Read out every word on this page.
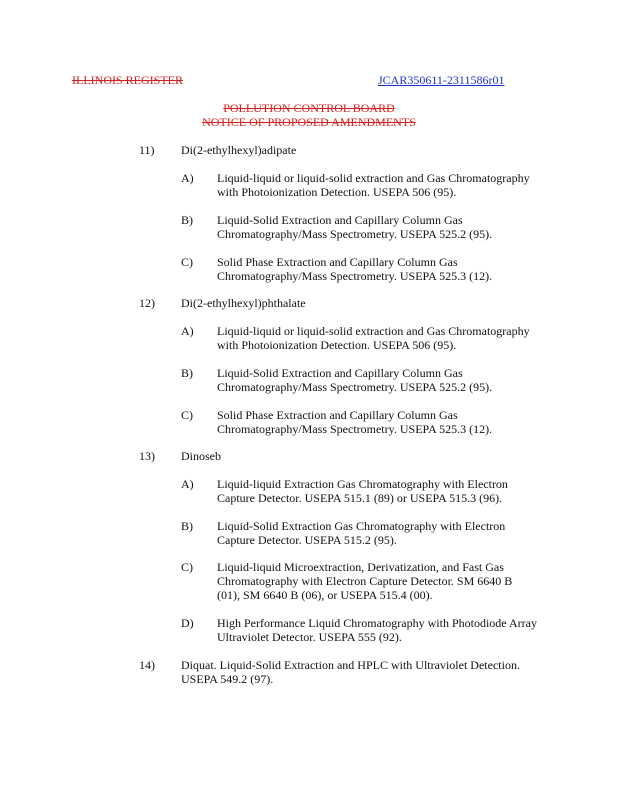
ILLINOIS REGISTER	JCAR350611-2311586r01
POLLUTION CONTROL BOARD
NOTICE OF PROPOSED AMENDMENTS
11) Di(2-ethylhexyl)adipate
A) Liquid-liquid or liquid-solid extraction and Gas Chromatography
with Photoionization Detection. USEPA 506 (95).
B) Liquid-Solid Extraction and Capillary Column Gas
Chromatography/Mass Spectrometry. USEPA 525.2 (95).
C) Solid Phase Extraction and Capillary Column Gas
Chromatography/Mass Spectrometry. USEPA 525.3 (12).
12) Di(2-ethylhexyl)phthalate
A) Liquid-liquid or liquid-solid extraction and Gas Chromatography
with Photoionization Detection. USEPA 506 (95).
B) Liquid-Solid Extraction and Capillary Column Gas
Chromatography/Mass Spectrometry. USEPA 525.2 (95).
C) Solid Phase Extraction and Capillary Column Gas
Chromatography/Mass Spectrometry. USEPA 525.3 (12).
13) Dinoseb
A) Liquid-liquid Extraction Gas Chromatography with Electron
Capture Detector. USEPA 515.1 (89) or USEPA 515.3 (96).
B) Liquid-Solid Extraction Gas Chromatography with Electron
Capture Detector. USEPA 515.2 (95).
C) Liquid-liquid Microextraction, Derivatization, and Fast Gas
Chromatography with Electron Capture Detector. SM 6640 B
(01), SM 6640 B (06), or USEPA 515.4 (00).
D) High Performance Liquid Chromatography with Photodiode Array
Ultraviolet Detector. USEPA 555 (92).
14) Diquat. Liquid-Solid Extraction and HPLC with Ultraviolet Detection.
USEPA 549.2 (97).
